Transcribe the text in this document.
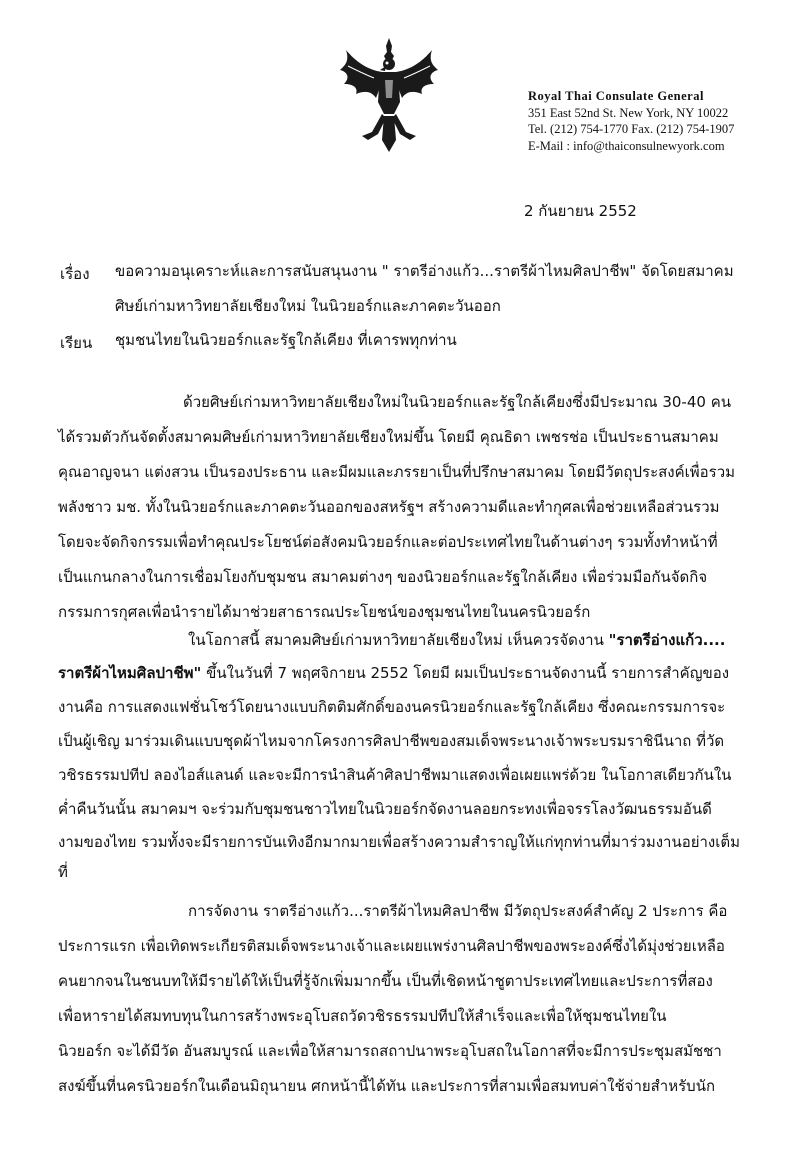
Royal Thai Consulate General
351 East 52nd St. New York, NY 10022
Tel. (212) 754-1770 Fax. (212) 754-1907
E-Mail : info@thaiconsulnewyork.com
2 กันยายน 2552
เรื่อง ขอความอนุเคราะห์และการสนับสนุนงาน " ราตรีอ่างแก้ว...ราตรีผ้าไหมศิลปาชีพ" จัดโดยสมาคม
ศิษย์เก่ามหาวิทยาลัยเชียงใหม่ ในนิวยอร์กและภาคตะวันออก
เรียน ชุมชนไทยในนิวยอร์กและรัฐใกล้เคียง ที่เคารพทุกท่าน
ด้วยศิษย์เก่ามหาวิทยาลัยเชียงใหม่ในนิวยอร์กและรัฐใกล้เคียงซึ่งมีประมาณ 30-40 คน
ได้รวมตัวกันจัดตั้งสมาคมศิษย์เก่ามหาวิทยาลัยเชียงใหม่ขึ้น โดยมี คุณธิดา เพชรช่อ เป็นประธานสมาคม
คุณอาญจนา แต่งสวน เป็นรองประธาน และมีผมและภรรยาเป็นที่ปรึกษาสมาคม โดยมีวัตถุประสงค์เพื่อรวม
พลังชาว มช. ทั้งในนิวยอร์กและภาคตะวันออกของสหรัฐฯ สร้างความดีและทำกุศลเพื่อช่วยเหลือส่วนรวม
โดยจะจัดกิจกรรมเพื่อทำคุณประโยชน์ต่อสังคมนิวยอร์กและต่อประเทศไทยในด้านต่างๆ รวมทั้งทำหน้าที่
เป็นแกนกลางในการเชื่อมโยงกับชุมชน สมาคมต่างๆ ของนิวยอร์กและรัฐใกล้เคียง เพื่อร่วมมือกันจัดกิจ
กรรมการกุศลเพื่อนำรายได้มาช่วยสาธารณประโยชน์ของชุมชนไทยในนครนิวยอร์ก
ในโอกาสนี้ สมาคมศิษย์เก่ามหาวิทยาลัยเชียงใหม่ เห็นควรจัดงาน "ราตรีอ่างแก้ว....
ราตรีผ้าไหมศิลปาชีพ" ขึ้นในวันที่ 7 พฤศจิกายน 2552 โดยมี ผมเป็นประธานจัดงานนี้ รายการสำคัญของ
งานคือ การแสดงแฟชั่นโชว์โดยนางแบบกิตติมศักดิ์ของนครนิวยอร์กและรัฐใกล้เคียง ซึ่งคณะกรรมการจะ
เป็นผู้เชิญ มาร่วมเดินแบบชุดผ้าไหมจากโครงการศิลปาชีพของสมเด็จพระนางเจ้าพระบรมราชินีนาถ ที่วัด
วชิรธรรมปทีป ลองไอส์แลนด์ และจะมีการนำสินค้าศิลปาชีพมาแสดงเพื่อเผยแพร่ด้วย ในโอกาสเดียวกันใน
ค่ำคืนวันนั้น สมาคมฯ จะร่วมกับชุมชนชาวไทยในนิวยอร์กจัดงานลอยกระทงเพื่อจรรโลงวัฒนธรรมอันดี
งามของไทย รวมทั้งจะมีรายการบันเทิงอีกมากมายเพื่อสร้างความสำราญให้แก่ทุกท่านที่มาร่วมงานอย่างเต็ม
ที่
การจัดงาน ราตรีอ่างแก้ว...ราตรีผ้าไหมศิลปาชีพ มีวัตถุประสงค์สำคัญ 2 ประการ คือ
ประการแรก เพื่อเทิดพระเกียรติสมเด็จพระนางเจ้าและเผยแพร่งานศิลปาชีพของพระองค์ซึ่งได้มุ่งช่วยเหลือ
คนยากจนในชนบทให้มีรายได้ให้เป็นที่รู้จักเพิ่มมากขึ้น เป็นที่เชิดหน้าชูตาประเทศไทยและประการที่สอง
เพื่อหารายได้สมทบทุนในการสร้างพระอุโบสถวัดวชิรธรรมปทีปให้สำเร็จและเพื่อให้ชุมชนไทยใน
นิวยอร์ก จะได้มีวัด อันสมบูรณ์ และเพื่อให้สามารถสถาปนาพระอุโบสถในโอกาสที่จะมีการประชุมสมัชชา
สงฆ์ขึ้นที่นครนิวยอร์กในเดือนมิถุนายน ศกหน้านี้ได้ทัน และประการที่สามเพื่อสมทบค่าใช้จ่ายสำหรับนัก
